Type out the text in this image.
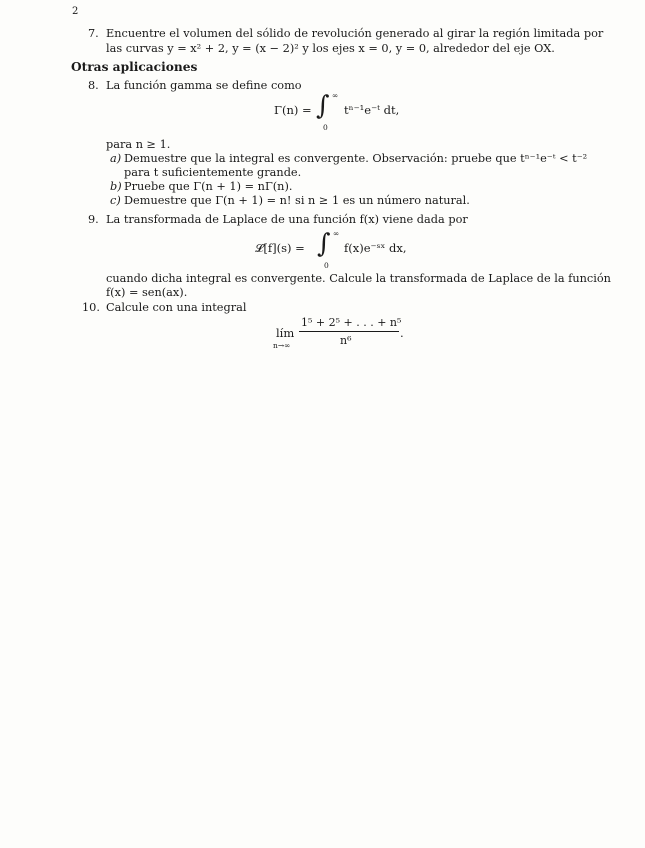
2
7. Encuentre el volumen del sólido de revolución generado al girar la región limitada por
las curvas y = x² + 2, y = (x − 2)² y los ejes x = 0, y = 0, alrededor del eje OX.
Otras aplicaciones
8. La función gamma se define como
Γ(n) = ∫ ∞
0
tⁿ⁻¹e⁻ᵗ dt,
para n ≥ 1.
a) Demuestre que la integral es convergente. Observación: pruebe que tⁿ⁻¹e⁻ᵗ < t⁻²
para t suficientemente grande.
b) Pruebe que Γ(n + 1) = nΓ(n).
c) Demuestre que Γ(n + 1) = n! si n ≥ 1 es un número natural.
9. La transformada de Laplace de una función f(x) viene dada por
𝓛[f](s) = ∫ ∞
0
f(x)e⁻ˢˣ dx,
cuando dicha integral es convergente. Calcule la transformada de Laplace de la función
f(x) = sen(ax).
10. Calcule con una integral
lím
n→∞
1⁵ + 2⁵ + . . . + n⁵
n⁶
.
